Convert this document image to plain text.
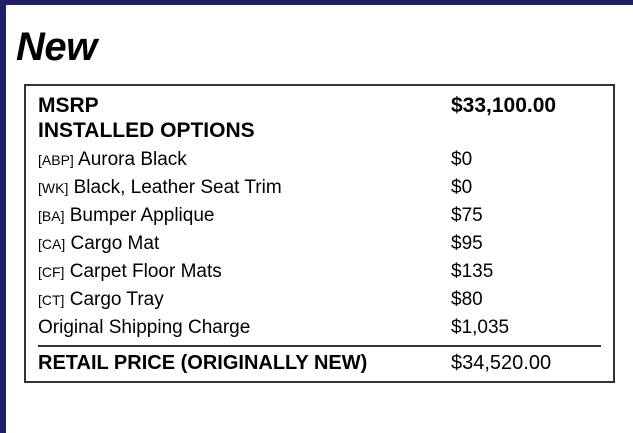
New
MSRP	$33,100.00
INSTALLED OPTIONS	
[ABP] Aurora Black	$0
[WK] Black, Leather Seat Trim	$0
[BA] Bumper Applique	$75
[CA] Cargo Mat	$95
[CF] Carpet Floor Mats	$135
[CT] Cargo Tray	$80
Original Shipping Charge	$1,035

RETAIL PRICE (ORIGINALLY NEW)	$34,520.00
